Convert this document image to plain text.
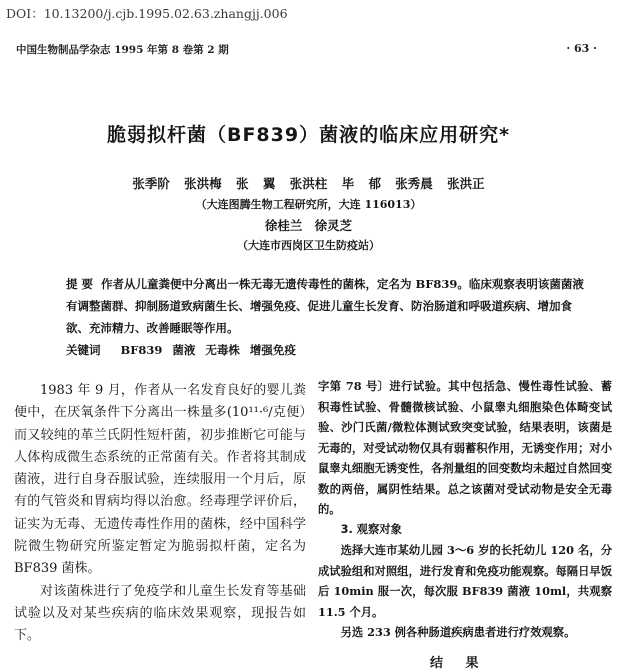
DOI：10.13200/j.cjb.1995.02.63.zhangjj.006
中国生物制品学杂志 1995 年第 8 卷第 2 期	· 63 ·
脆弱拟杆菌（BF839）菌液的临床应用研究*
张季阶 张洪梅 张 翼 张洪柱 毕 郁 张秀晨 张洪正
（大连图腾生物工程研究所，大连 116013）
徐桂兰 徐灵芝
（大连市西岗区卫生防疫站）
提 要 作者从儿童粪便中分离出一株无毒无遗传毒性的菌株，定名为 BF839。临床观察表明该菌菌液有调整菌群、抑制肠道致病菌生长、增强免疫、促进儿童生长发育、防治肠道和呼吸道疾病、增加食欲、充沛精力、改善睡眠等作用。
关键词 BF839 菌液 无毒株 增强免疫

1983 年 9 月，作者从一名发育良好的婴儿粪便中，在厌氧条件下分离出一株量多(10¹¹·⁶/克便）而又较纯的革兰氏阴性短杆菌，初步推断它可能与人体构成微生态系统的正常菌有关。作者将其制成菌液，进行自身吞服试验，连续服用一个月后，原有的气管炎和胃病均得以治愈。经毒理学评价后，证实为无毒、无遗传毒性作用的菌株，经中国科学院微生物研究所鉴定暂定为脆弱拟杆菌，定名为 BF839 菌株。

对该菌株进行了免疫学和儿童生长发育等基础试验以及对某些疾病的临床效果观察，现报告如下。

字第 78 号〕进行试验。其中包括急、慢性毒性试验、蓄积毒性试验、骨髓微核试验、小鼠睾丸细胞染色体畸变试验、沙门氏菌/微粒体测试致突变试验，结果表明，该菌是无毒的，对受试动物仅具有弱蓄积作用，无诱变作用；对小鼠睾丸细胞无诱变性，各剂量组的回变数均未超过自然回变数的两倍，属阴性结果。总之该菌对受试动物是安全无毒的。

3. 观察对象

选择大连市某幼儿园 3～6 岁的长托幼儿 120 名，分成试验组和对照组，进行发育和免疫功能观察。每隔日早饭后 10min 服一次，每次服 BF839 菌液 10ml，共观察 11.5 个月。

另选 233 例各种肠道疾病患者进行疗效观察。

结 果
